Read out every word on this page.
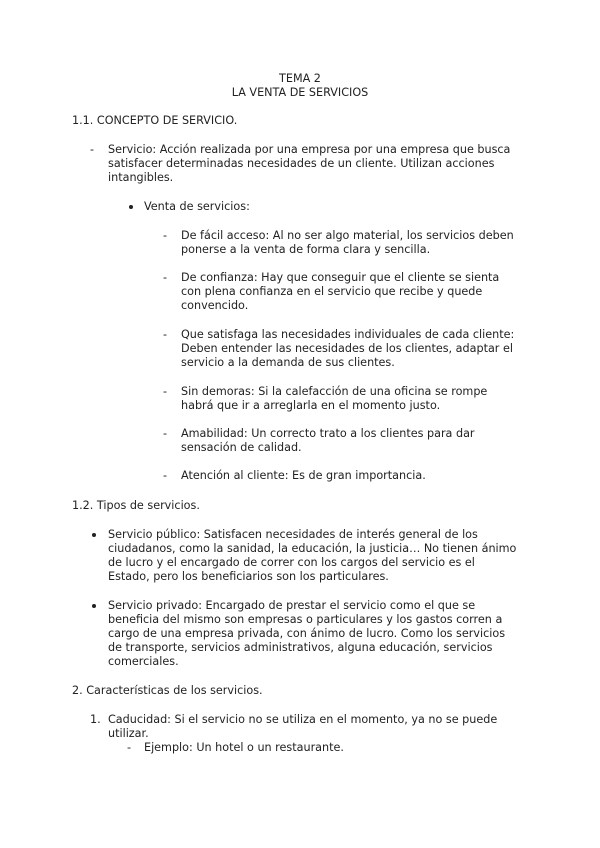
TEMA 2
LA VENTA DE SERVICIOS
1.1. CONCEPTO DE SERVICIO.
- Servicio: Acción realizada por una empresa por una empresa que busca
satisfacer determinadas necesidades de un cliente. Utilizan acciones
intangibles.
Venta de servicios:
- De fácil acceso: Al no ser algo material, los servicios deben
ponerse a la venta de forma clara y sencilla.
- De confianza: Hay que conseguir que el cliente se sienta
con plena confianza en el servicio que recibe y quede
convencido.
- Que satisfaga las necesidades individuales de cada cliente:
Deben entender las necesidades de los clientes, adaptar el
servicio a la demanda de sus clientes.
- Sin demoras: Si la calefacción de una oficina se rompe
habrá que ir a arreglarla en el momento justo.
- Amabilidad: Un correcto trato a los clientes para dar
sensación de calidad.
- Atención al cliente: Es de gran importancia.
1.2. Tipos de servicios.
Servicio público: Satisfacen necesidades de interés general de los
ciudadanos, como la sanidad, la educación, la justicia… No tienen ánimo
de lucro y el encargado de correr con los cargos del servicio es el
Estado, pero los beneficiarios son los particulares.
Servicio privado: Encargado de prestar el servicio como el que se
beneficia del mismo son empresas o particulares y los gastos corren a
cargo de una empresa privada, con ánimo de lucro. Como los servicios
de transporte, servicios administrativos, alguna educación, servicios
comerciales.
2. Características de los servicios.
1. Caducidad: Si el servicio no se utiliza en el momento, ya no se puede
utilizar.
- Ejemplo: Un hotel o un restaurante.
